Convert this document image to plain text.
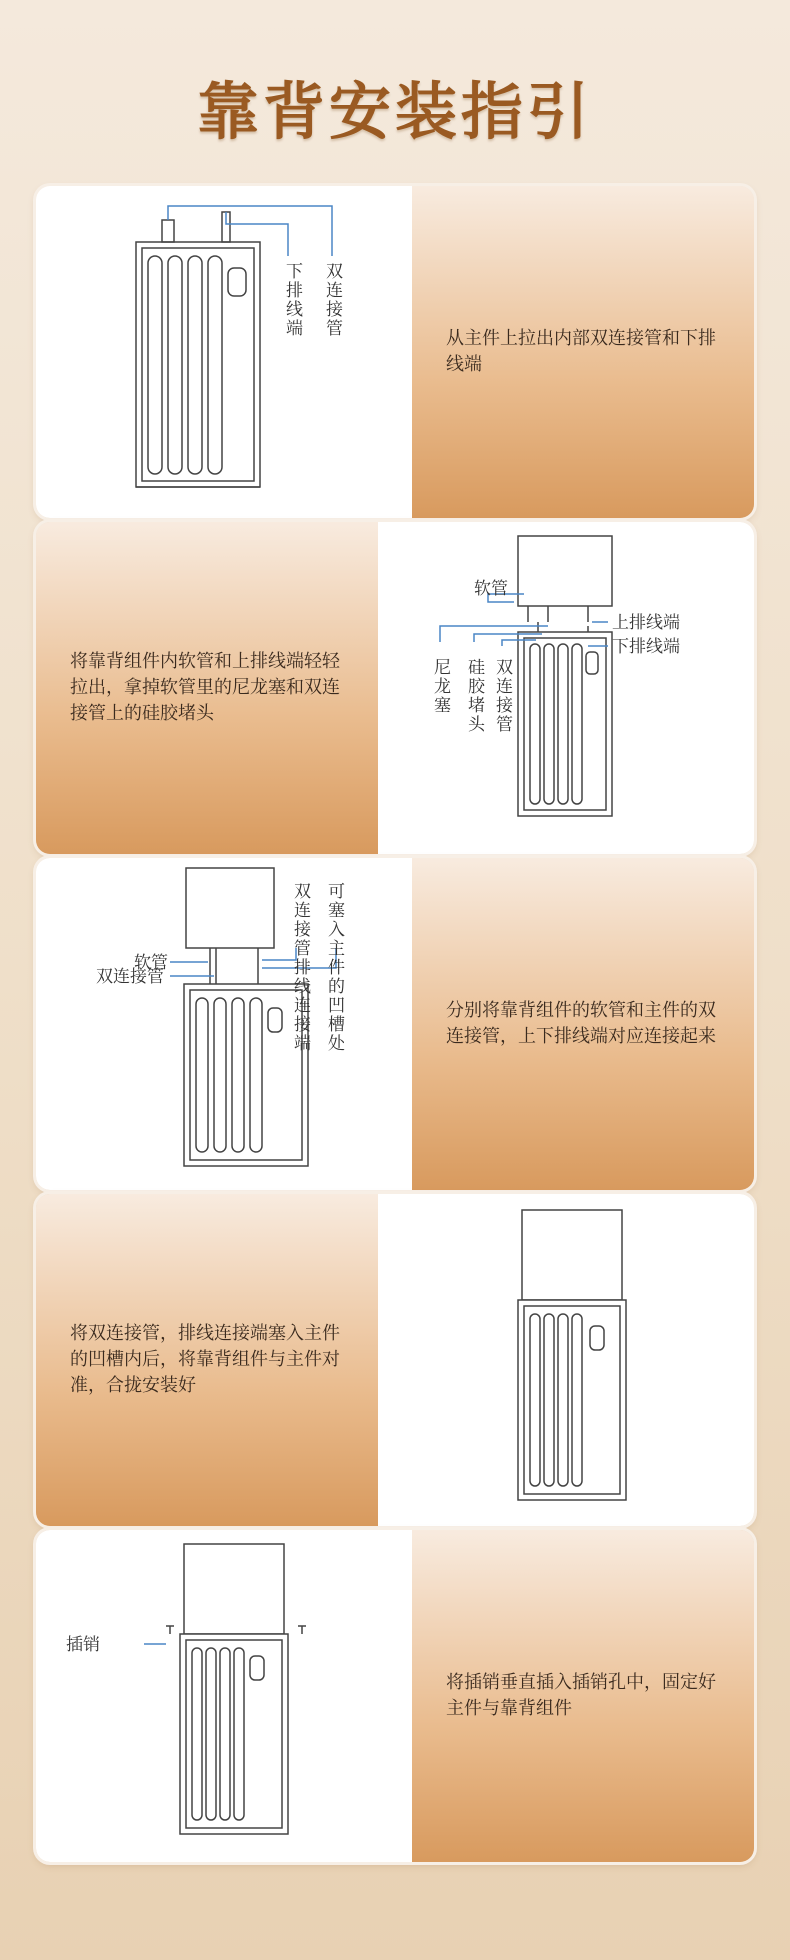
靠背安装指引
下排线端 双连接管
从主件上拉出内部双连接管和下排线端
将靠背组件内软管和上排线端轻轻拉出，拿掉软管里的尼龙塞和双连接管上的硅胶堵头
软管
上排线端
下排线端
尼龙塞 硅胶堵头 双连接管
软管
双连接管	双连接管排线连接端 可塞入主件的凹槽处	分别将靠背组件的软管和主件的双连接管，上下排线端对应连接起来
将双连接管，排线连接端塞入主件的凹槽内后，将靠背组件与主件对准，合拢安装好
插销
将插销垂直插入插销孔中，固定好主件与靠背组件
